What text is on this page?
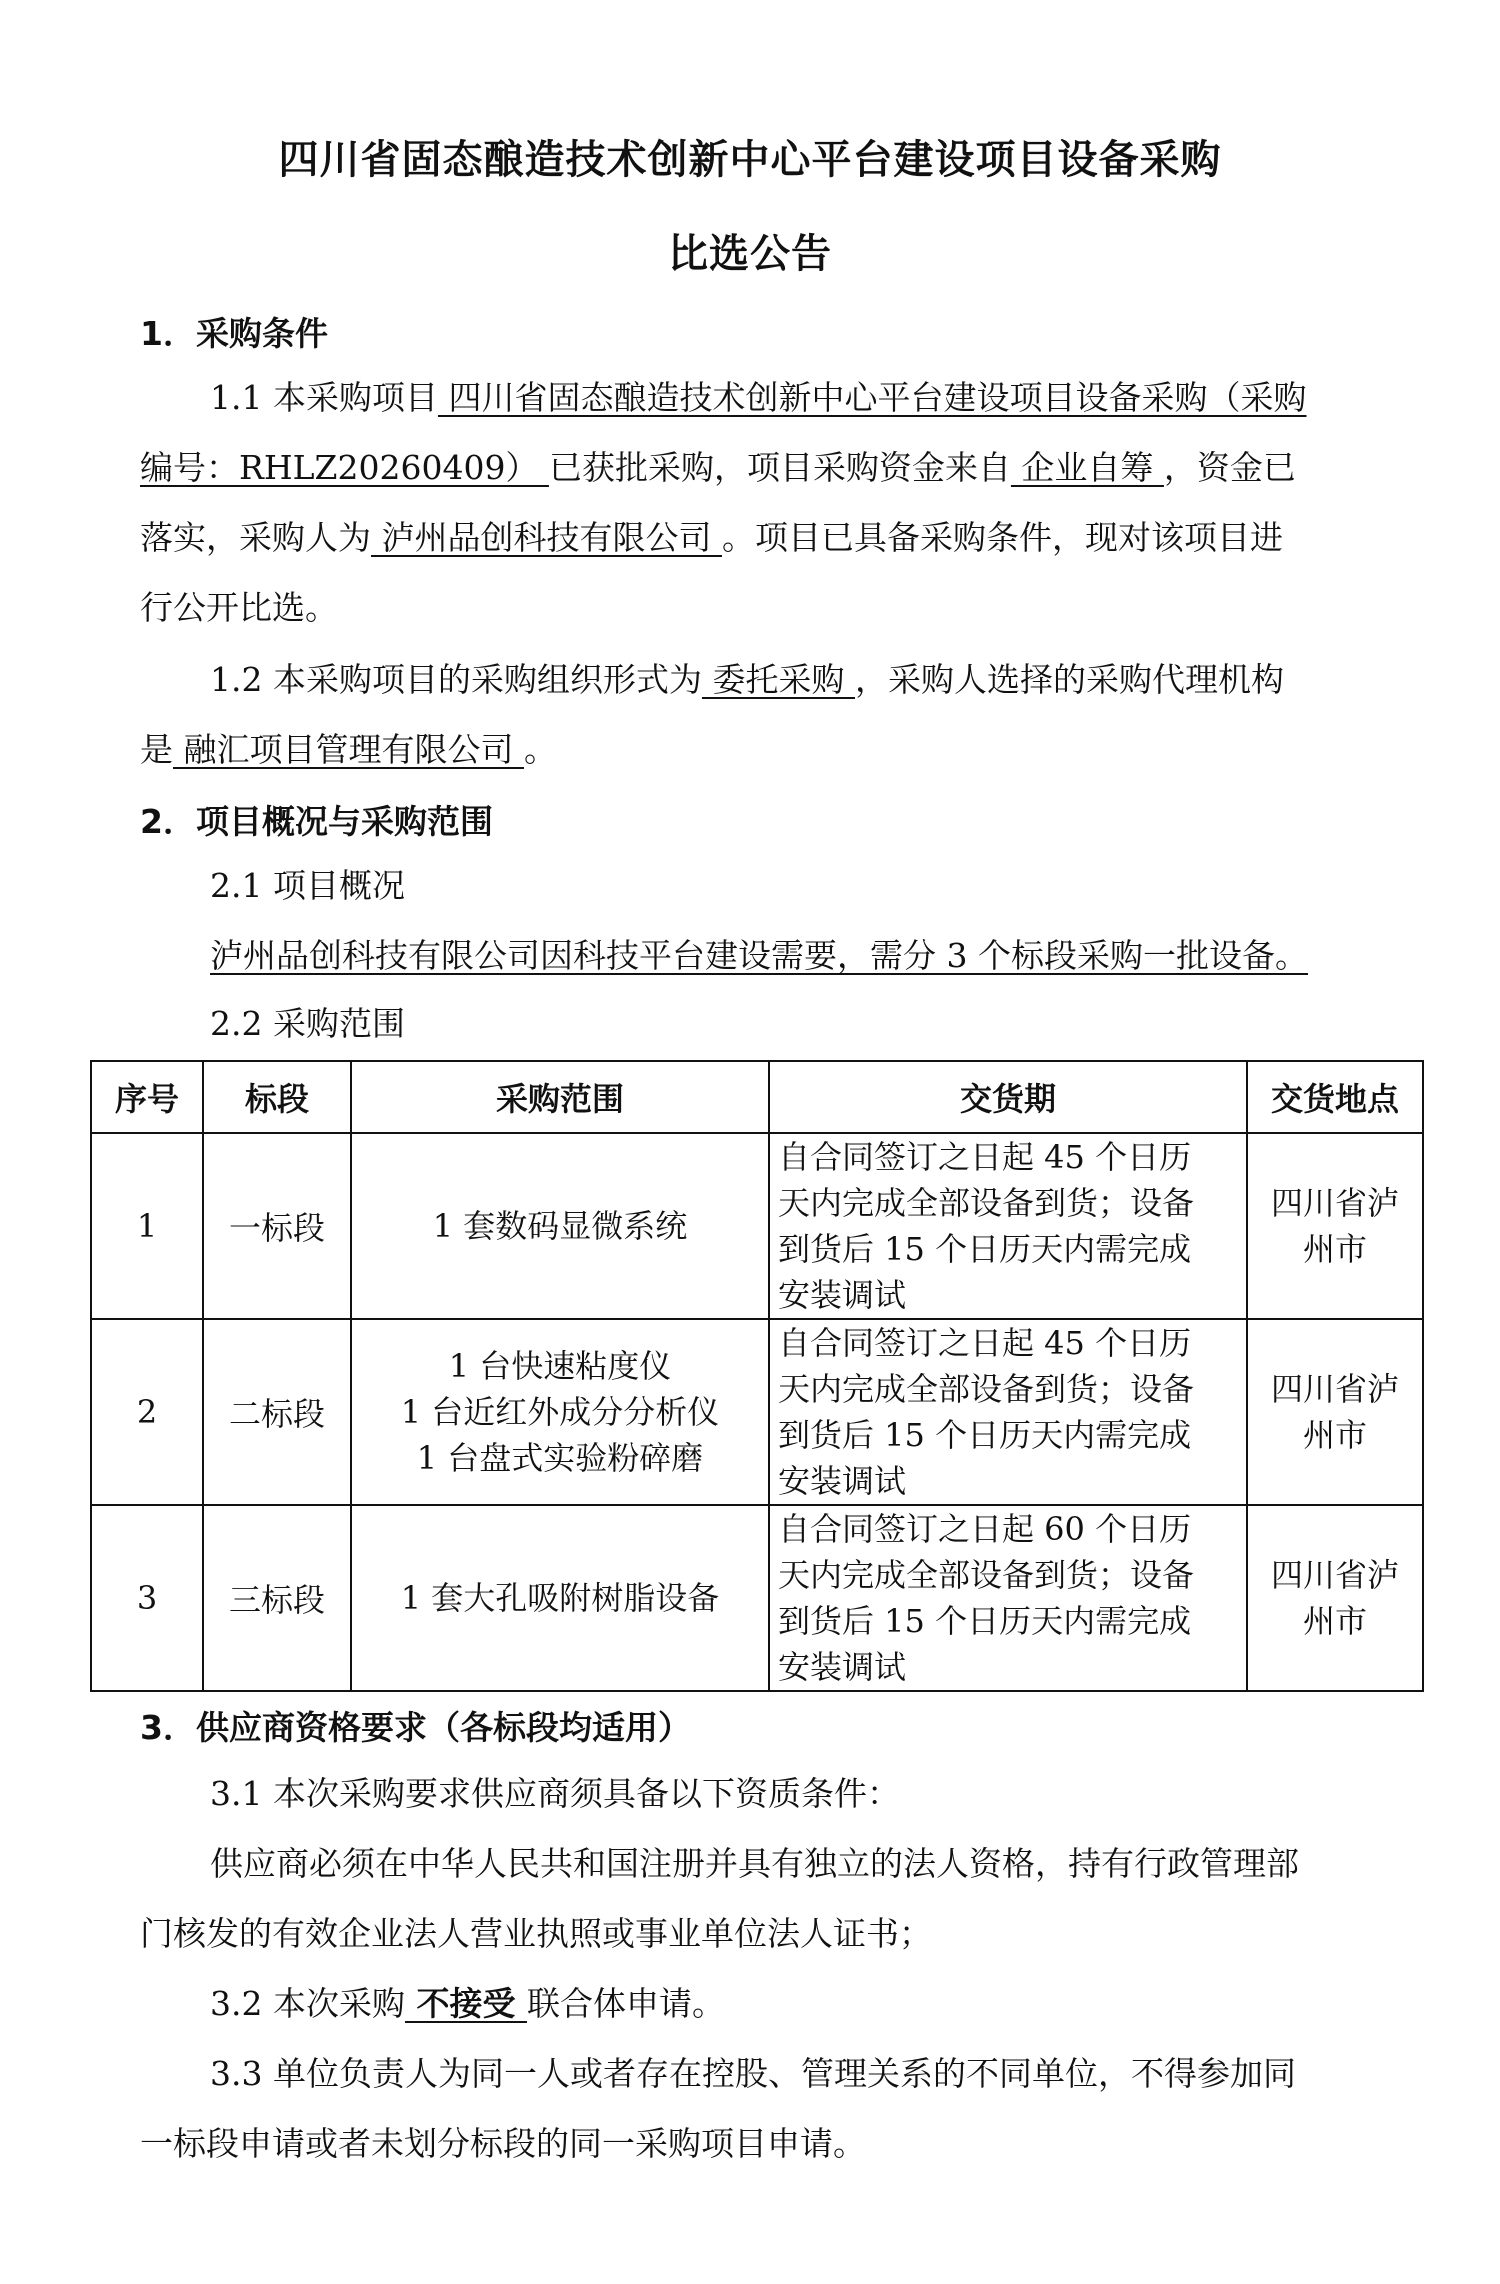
四川省固态酿造技术创新中心平台建设项目设备采购
比选公告
1．采购条件
1.1 本采购项目 四川省固态酿造技术创新中心平台建设项目设备采购（采购
编号：RHLZ20260409） 已获批采购，项目采购资金来自 企业自筹 ，资金已
落实，采购人为 泸州品创科技有限公司 。项目已具备采购条件，现对该项目进
行公开比选。
1.2 本采购项目的采购组织形式为 委托采购 ，采购人选择的采购代理机构
是 融汇项目管理有限公司 。
2．项目概况与采购范围
2.1 项目概况
泸州品创科技有限公司因科技平台建设需要，需分 3 个标段采购一批设备。
2.2 采购范围
序号	标段	采购范围	交货期	交货地点
1	一标段	1 套数码显微系统	自合同签订之日起 45 个日历
天内完成全部设备到货；设备
到货后 15 个日历天内需完成
安装调试	四川省泸
州市

2	二标段	1 台快速粘度仪
1 台近红外成分分析仪
1 台盘式实验粉碎磨	自合同签订之日起 45 个日历
天内完成全部设备到货；设备
到货后 15 个日历天内需完成
安装调试	四川省泸
州市

3	三标段	1 套大孔吸附树脂设备	自合同签订之日起 60 个日历
天内完成全部设备到货；设备
到货后 15 个日历天内需完成
安装调试	四川省泸
州市
3．供应商资格要求（各标段均适用）
3.1 本次采购要求供应商须具备以下资质条件：
供应商必须在中华人民共和国注册并具有独立的法人资格，持有行政管理部
门核发的有效企业法人营业执照或事业单位法人证书；
3.2 本次采购 不接受 联合体申请。
3.3 单位负责人为同一人或者存在控股、管理关系的不同单位，不得参加同
一标段申请或者未划分标段的同一采购项目申请。
